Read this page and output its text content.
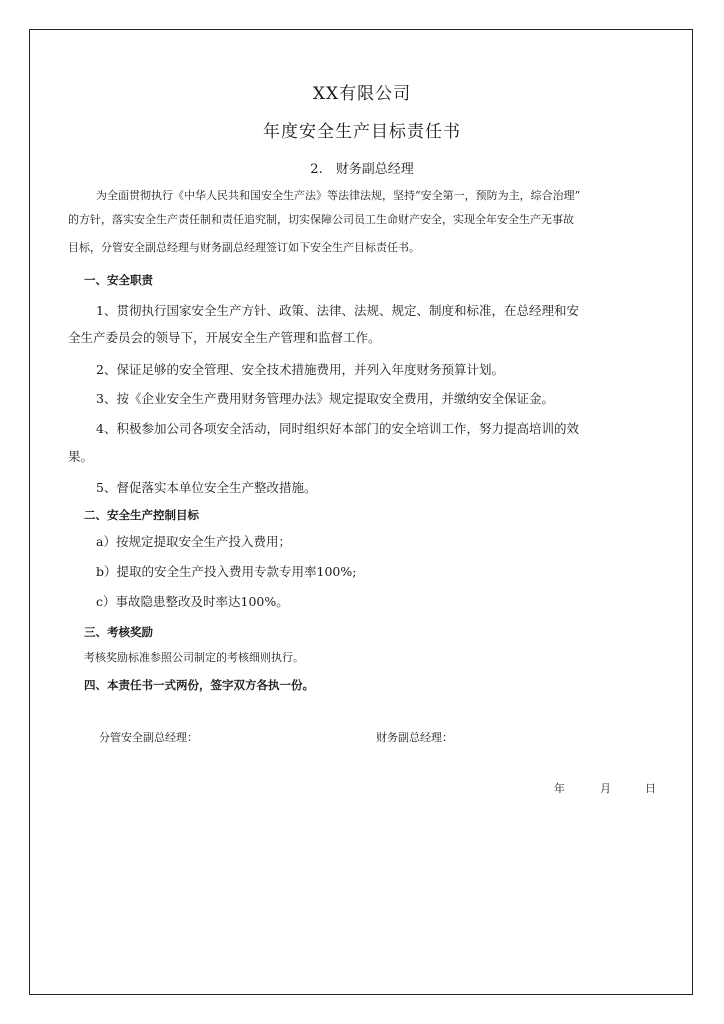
XX有限公司
年度安全生产目标责任书
2.　财务副总经理
为全面贯彻执行《中华人民共和国安全生产法》等法律法规，坚持“安全第一，预防为主，综合治理”
的方针，落实安全生产责任制和责任追究制，切实保障公司员工生命财产安全，实现全年安全生产无事故
目标，分管安全副总经理与财务副总经理签订如下安全生产目标责任书。
一、安全职责
1、贯彻执行国家安全生产方针、政策、法律、法规、规定、制度和标准，在总经理和安
全生产委员会的领导下，开展安全生产管理和监督工作。
2、保证足够的安全管理、安全技术措施费用，并列入年度财务预算计划。
3、按《企业安全生产费用财务管理办法》规定提取安全费用，并缴纳安全保证金。
4、积极参加公司各项安全活动，同时组织好本部门的安全培训工作，努力提高培训的效
果。
5、督促落实本单位安全生产整改措施。
二、安全生产控制目标
a）按规定提取安全生产投入费用；
b）提取的安全生产投入费用专款专用率100%;
c）事故隐患整改及时率达100%。
三、考核奖励
考核奖励标准参照公司制定的考核细则执行。
四、本责任书一式两份，签字双方各执一份。
分管安全副总经理：	财务副总经理：
年	月	日
